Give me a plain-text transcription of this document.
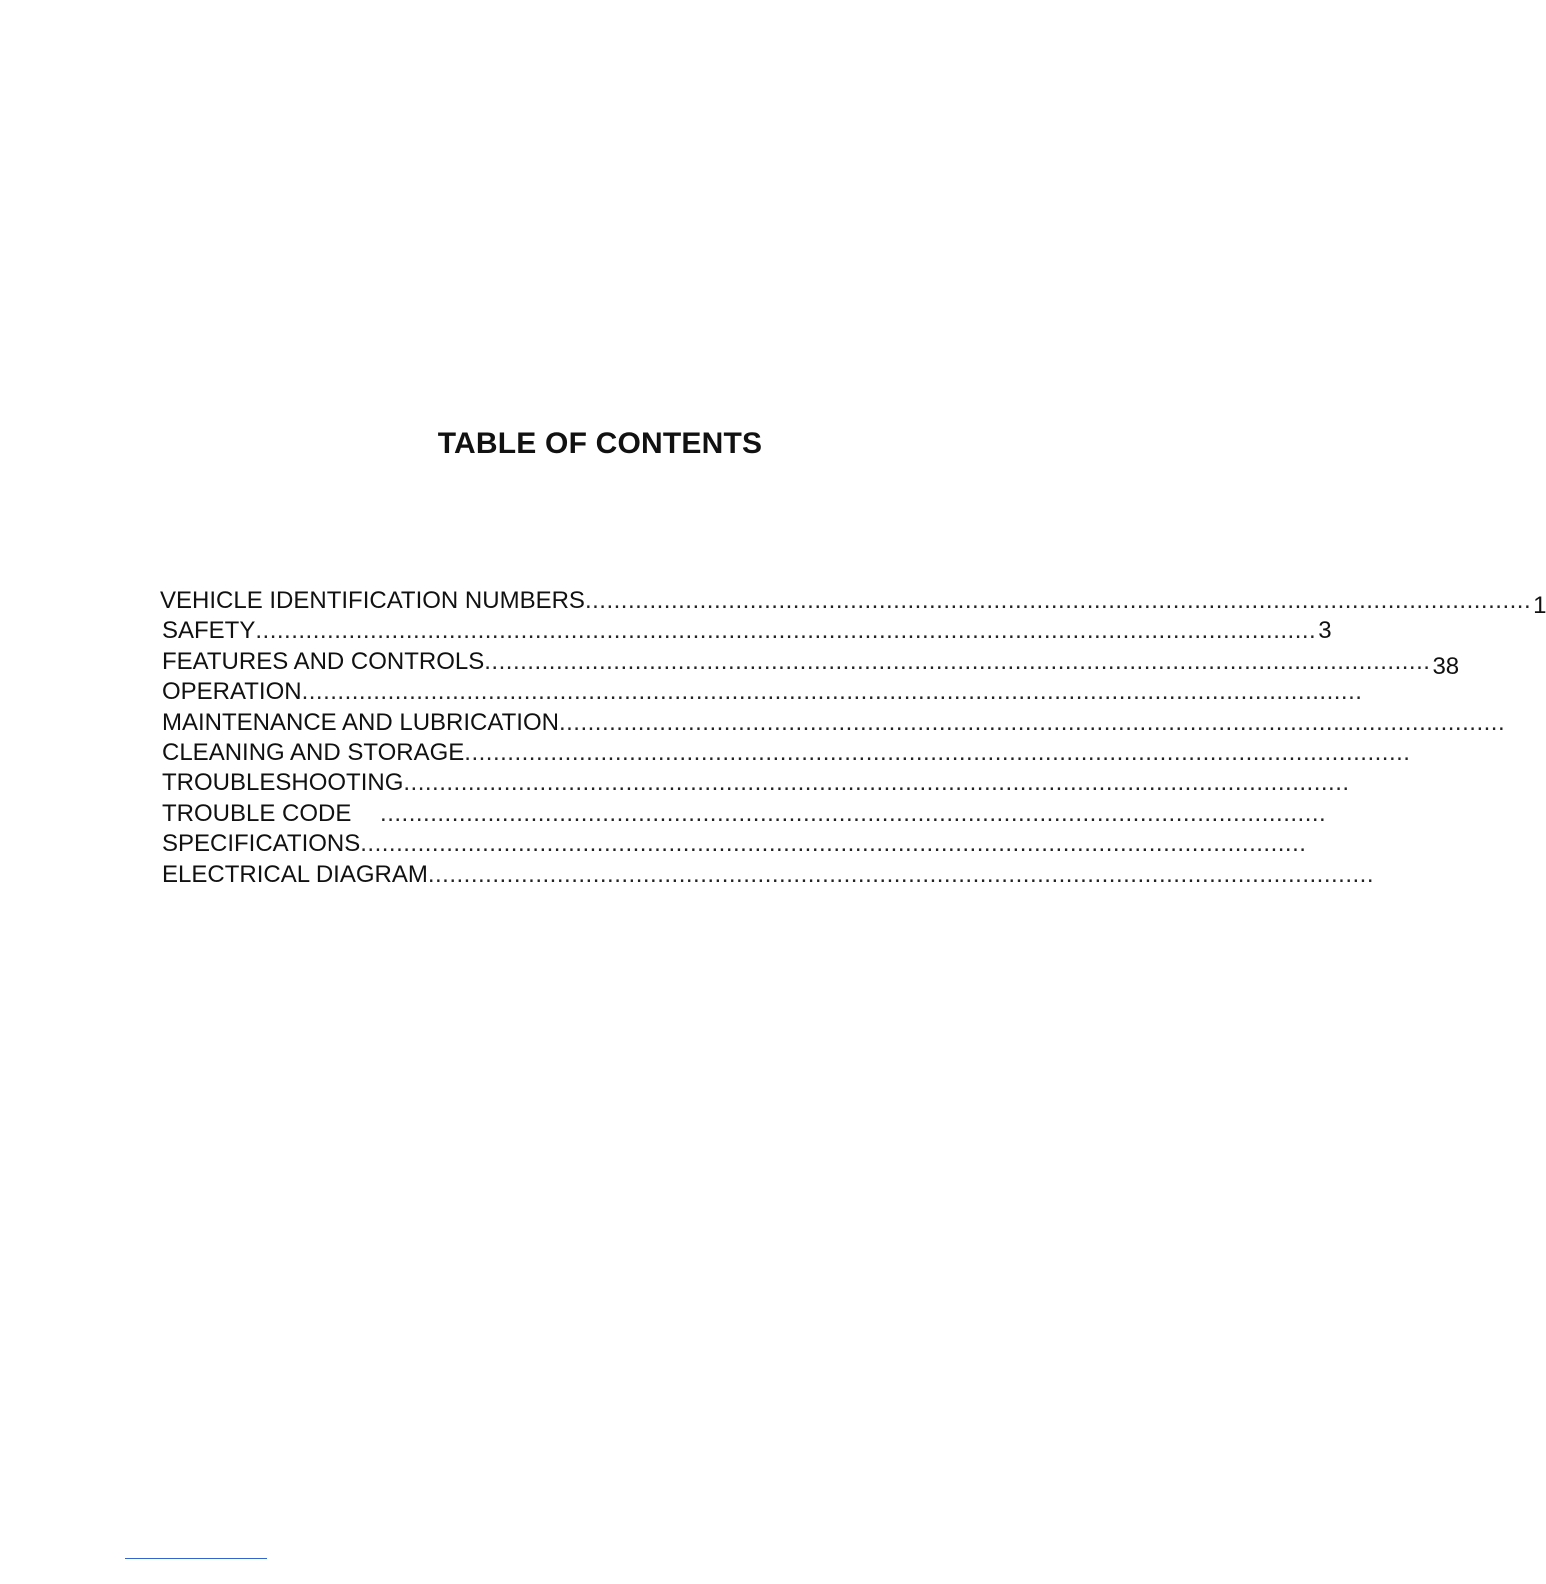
TABLE OF CONTENTS
VEHICLE IDENTIFICATION NUMBERS .................................................................................................................................... 1
SAFETY .................................................................................................................................................... 3
FEATURES AND CONTROLS .................................................................................................................................... 38
OPERATION ....................................................................................................................................................
MAINTENANCE AND LUBRICATION ....................................................................................................................................
CLEANING AND STORAGE ....................................................................................................................................
TROUBLESHOOTING ....................................................................................................................................
TROUBLE CODE ....................................................................................................................................
SPECIFICATIONS ....................................................................................................................................
ELECTRICAL DIAGRAM ....................................................................................................................................
